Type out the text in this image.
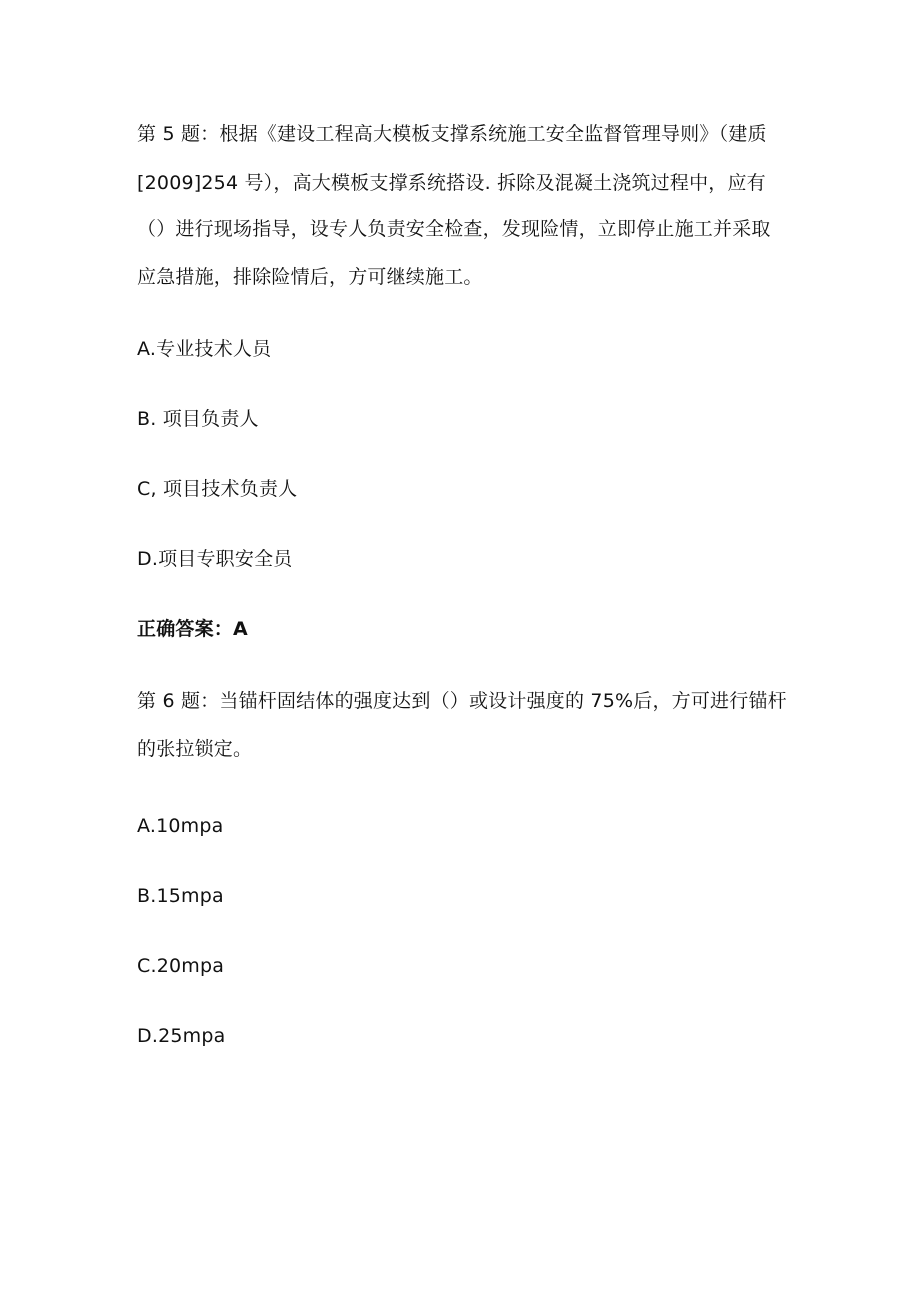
第 5 题：根据《建设工程高大模板支撑系统施工安全监督管理导则》（建质
[2009]254 号），高大模板支撑系统搭设. 拆除及混凝土浇筑过程中，应有
（）进行现场指导，设专人负责安全检查，发现险情，立即停止施工并采取
应急措施，排除险情后，方可继续施工。
A.专业技术人员
B. 项目负责人
C, 项目技术负责人
D.项目专职安全员
正确答案：A
第 6 题：当锚杆固结体的强度达到（）或设计强度的 75%后，方可进行锚杆
的张拉锁定。
A.10mpa
B.15mpa
C.20mpa
D.25mpa
